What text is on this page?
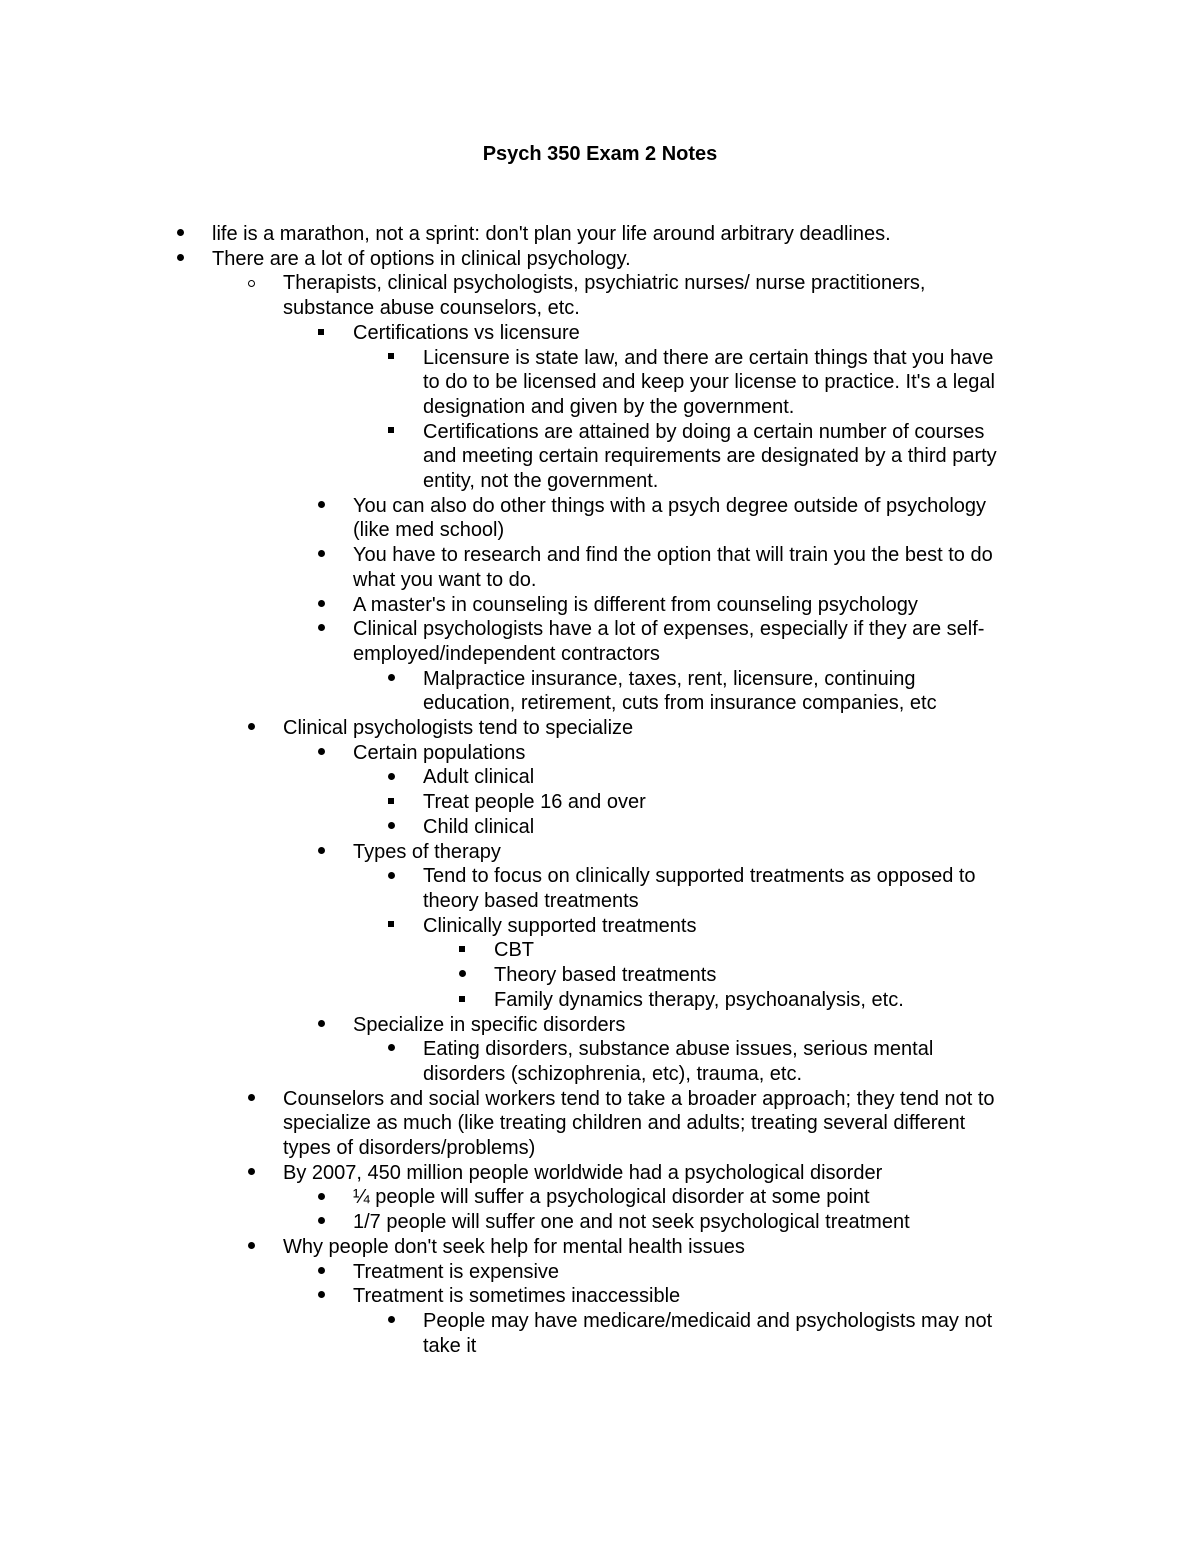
Psych 350 Exam 2 Notes
life is a marathon, not a sprint: don't plan your life around arbitrary deadlines.
There are a lot of options in clinical psychology.
Therapists, clinical psychologists, psychiatric nurses/ nurse practitioners,
substance abuse counselors, etc.
Certifications vs licensure
Licensure is state law, and there are certain things that you have
to do to be licensed and keep your license to practice. It's a legal
designation and given by the government.
Certifications are attained by doing a certain number of courses
and meeting certain requirements are designated by a third party
entity, not the government.
You can also do other things with a psych degree outside of psychology
(like med school)
You have to research and find the option that will train you the best to do
what you want to do.
A master's in counseling is different from counseling psychology
Clinical psychologists have a lot of expenses, especially if they are self-
employed/independent contractors
Malpractice insurance, taxes, rent, licensure, continuing
education, retirement, cuts from insurance companies, etc
Clinical psychologists tend to specialize
Certain populations
Adult clinical
Treat people 16 and over
Child clinical
Types of therapy
Tend to focus on clinically supported treatments as opposed to
theory based treatments
Clinically supported treatments
CBT
Theory based treatments
Family dynamics therapy, psychoanalysis, etc.
Specialize in specific disorders
Eating disorders, substance abuse issues, serious mental
disorders (schizophrenia, etc), trauma, etc.
Counselors and social workers tend to take a broader approach; they tend not to
specialize as much (like treating children and adults; treating several different
types of disorders/problems)
By 2007, 450 million people worldwide had a psychological disorder
¼ people will suffer a psychological disorder at some point
1/7 people will suffer one and not seek psychological treatment
Why people don't seek help for mental health issues
Treatment is expensive
Treatment is sometimes inaccessible
People may have medicare/medicaid and psychologists may not
take it
